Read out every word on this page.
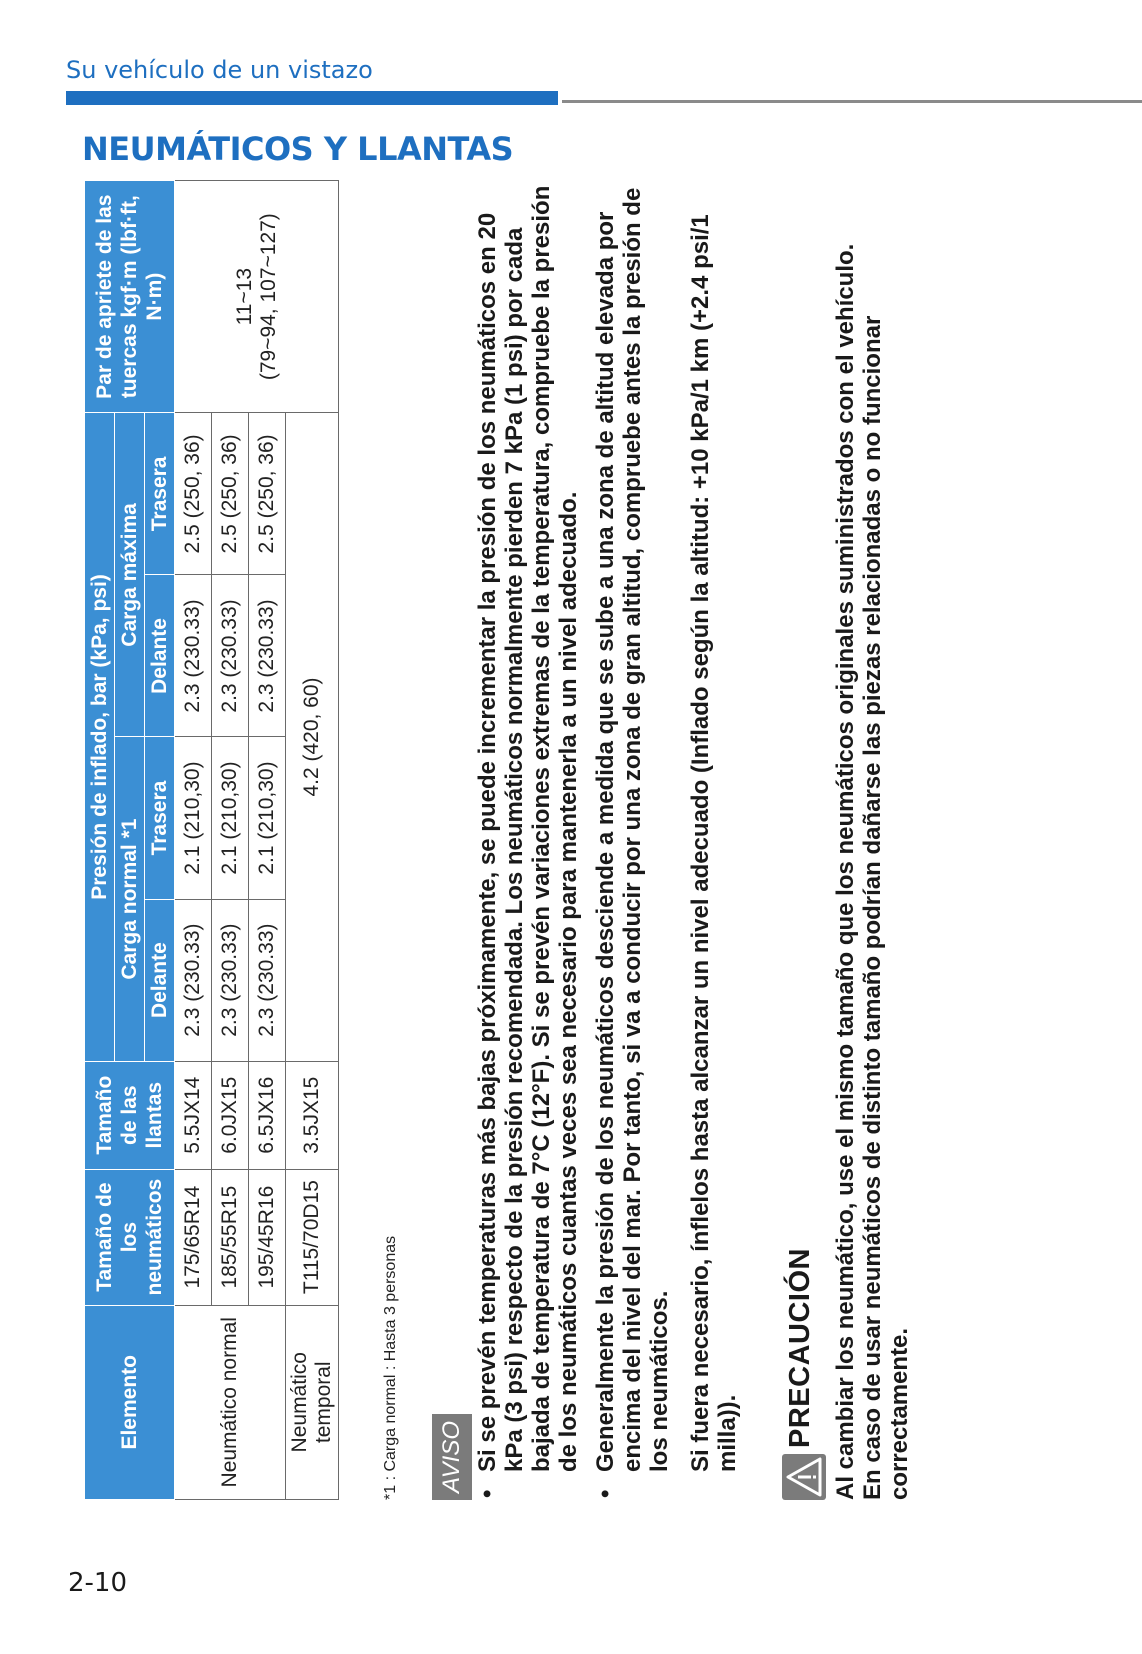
Su vehículo de un vistazo
NEUMÁTICOS Y LLANTAS
2-10
Elemento	Tamaño de los neumáticos	Tamaño de las llantas	Presión de inflado, bar (kPa, psi)				Par de apriete de las tuercas kgf·m (lbf·ft, N·m)
			Carga normal *1		Carga máxima		
			Delante	Trasera	Delante	Trasera	
Neumático normal	175/65R14	5.5JX14	2.3 (230.33)	2.1 (210,30)	2.3 (230.33)	2.5 (250, 36)	11~13 (79~94, 107~127)

	185/55R15	6.0JX15	2.3 (230.33)	2.1 (210,30)	2.3 (230.33)	2.5 (250, 36)	
	195/45R16	6.5JX16	2.3 (230.33)	2.1 (210,30)	2.3 (230.33)	2.5 (250, 36)	
Neumático temporal	T115/70D15	3.5JX15	4.2 (420, 60)				
*1 : Carga normal : Hasta 3 personas AVISO
•
Si se prevén temperaturas más bajas próximamente, se puede incrementar la presión de los neumáticos en 20 kPa (3 psi) respecto de la presión recomendada. Los neumáticos normalmente pierden 7 kPa (1 psi) por cada bajada de temperatura de 7°C (12°F). Si se prevén variaciones extremas de la temperatura, compruebe la presión de los neumáticos cuantas veces sea necesario para mantenerla a un nivel adecuado.
•
Generalmente la presión de los neumáticos desciende a medida que se sube a una zona de altitud elevada por encima del nivel del mar. Por tanto, si va a conducir por una zona de gran altitud, compruebe antes la presión de los neumáticos. Si fuera necesario, ínflelos hasta alcanzar un nivel adecuado (Inflado según la altitud: +10 kPa/1 km (+2.4 psi/1 milla)). PRECAUCIÓN Al cambiar los neumático, use el mismo tamaño que los neumáticos originales suministrados con el vehículo. En caso de usar neumáticos de distinto tamaño podrían dañarse las piezas relacionadas o no funcionar correctamente.
